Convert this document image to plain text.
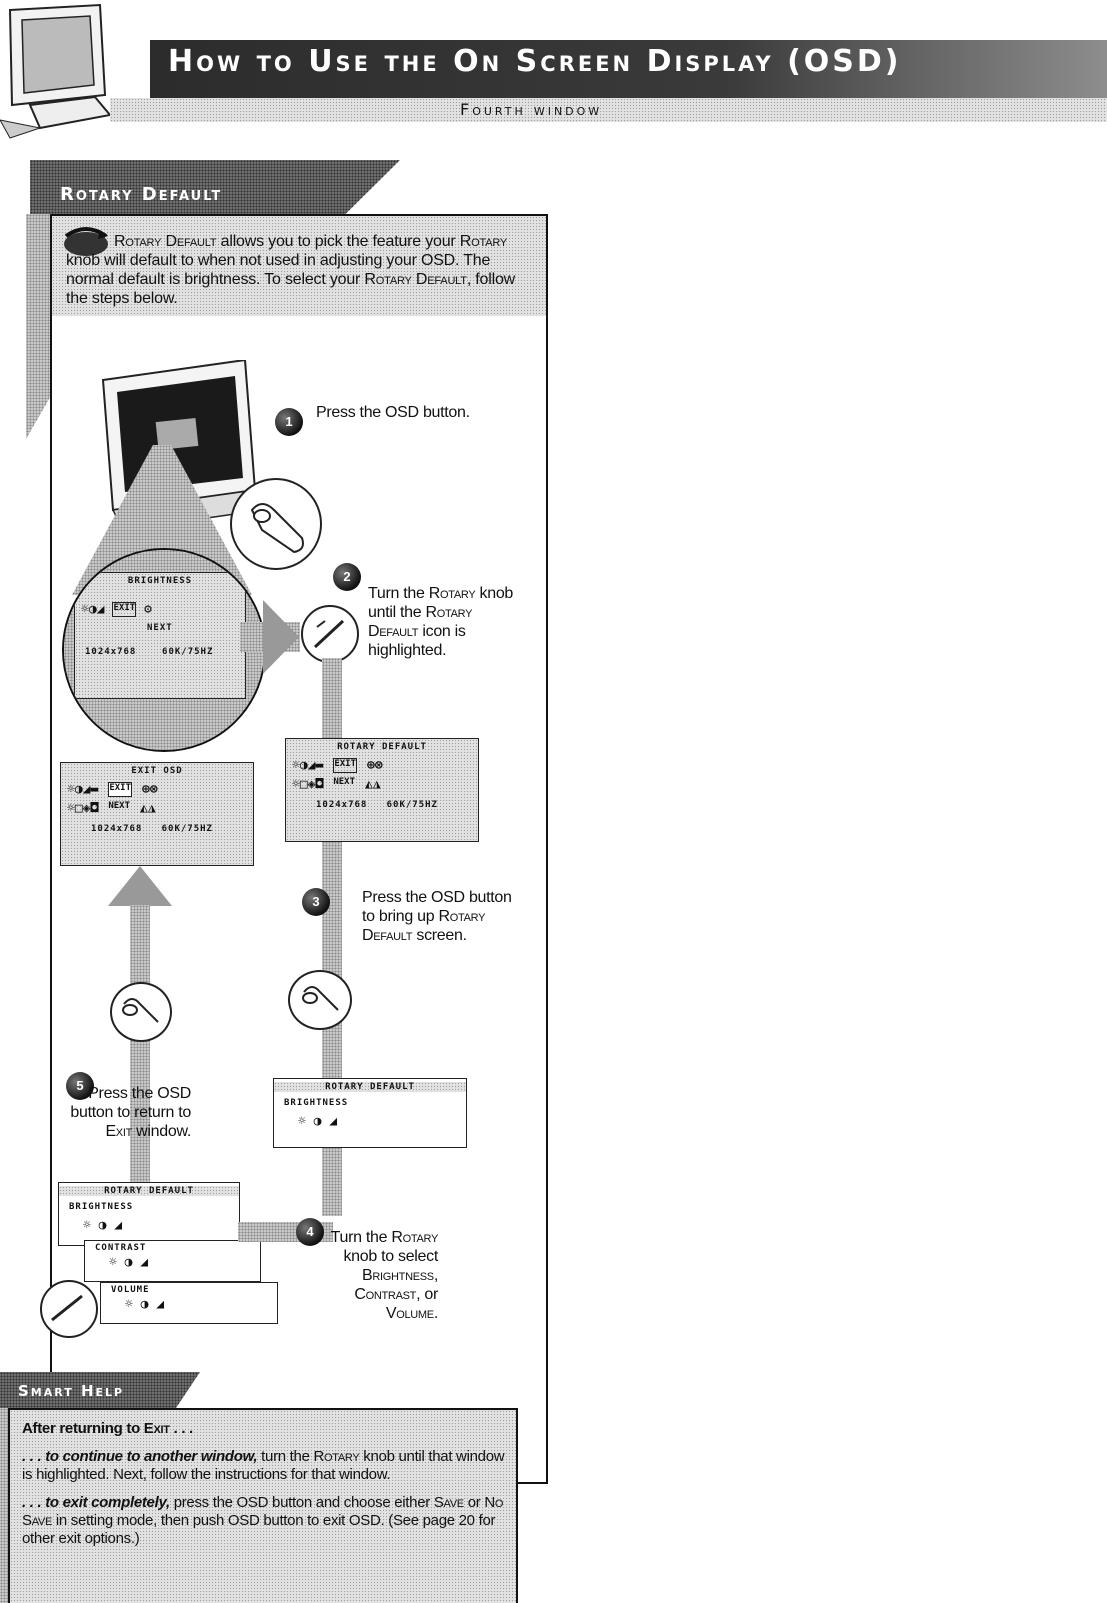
How to Use the On Screen Display (OSD)
Fourth window
Rotary Default
Rotary Default allows you to pick the feature your Rotary knob will default to when not used in adjusting your OSD. The normal default is brightness. To select your Rotary Default, follow the steps below.
BRIGHTNESS
☼◑◢ EXIT ⚙
NEXT
1024x768	60K/75HZ
1
Press the OSD button.
2
Turn the Rotary knob until the Rotary Default icon is highlighted.
ROTARY DEFAULT
☼◑◢▬ EXIT ⊕⊗
☼□◈◘ NEXT ◭◮
1024x768 60K/75HZ
EXIT OSD
☼◑◢▬ EXIT ⊕⊗
☼□◈◘ NEXT ◭◮
1024x768 60K/75HZ
3	Press the OSD button to bring up Rotary Default screen.
ROTARY DEFAULT
BRIGHTNESS
☼ ◑ ◢
5 Press the OSD button to return to Exit window.
ROTARY DEFAULT
BRIGHTNESS
☼ ◑ ◢
CONTRAST
☼ ◑ ◢
VOLUME
☼ ◑ ◢
4	Turn the Rotary knob to select Brightness, Contrast, or Volume.
Smart Help

After returning to Exit . . .

. . . to continue to another window, turn the Rotary knob until that window is highlighted. Next, follow the instructions for that window.

. . . to exit completely, press the OSD button and choose either Save or No Save in setting mode, then push OSD button to exit OSD. (See page 20 for other exit options.)
